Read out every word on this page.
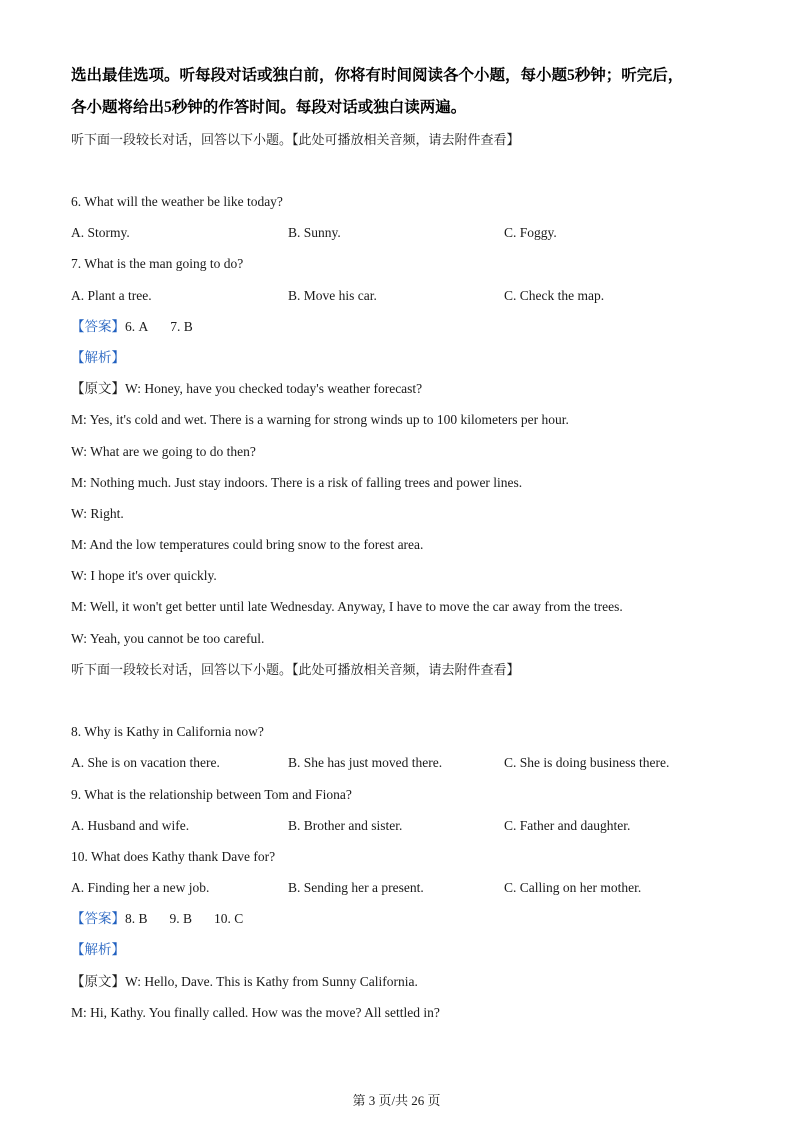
选出最佳选项。听每段对话或独白前，你将有时间阅读各个小题，每小题5秒钟；听完后，
各小题将给出5秒钟的作答时间。每段对话或独白读两遍。
听下面一段较长对话，回答以下小题。【此处可播放相关音频，请去附件查看】
6. What will the weather be like today?
A. Stormy.	B. Sunny.	C. Foggy.
7. What is the man going to do?
A. Plant a tree.	B. Move his car.	C. Check the map.
【答案】6. A 7. B
【解析】
【原文】W: Honey, have you checked today's weather forecast?
M: Yes, it's cold and wet. There is a warning for strong winds up to 100 kilometers per hour.
W: What are we going to do then?
M: Nothing much. Just stay indoors. There is a risk of falling trees and power lines.
W: Right.
M: And the low temperatures could bring snow to the forest area.
W: I hope it's over quickly.
M: Well, it won't get better until late Wednesday. Anyway, I have to move the car away from the trees.
W: Yeah, you cannot be too careful.
听下面一段较长对话，回答以下小题。【此处可播放相关音频，请去附件查看】
8. Why is Kathy in California now?
A. She is on vacation there.	B. She has just moved there.	C. She is doing business there.
9. What is the relationship between Tom and Fiona?
A. Husband and wife.	B. Brother and sister.	C. Father and daughter.
10. What does Kathy thank Dave for?
A. Finding her a new job.	B. Sending her a present.	C. Calling on her mother.
【答案】8. B 9. B 10. C
【解析】
【原文】W: Hello, Dave. This is Kathy from Sunny California.
M: Hi, Kathy. You finally called. How was the move? All settled in?
第 3 页/共 26 页
